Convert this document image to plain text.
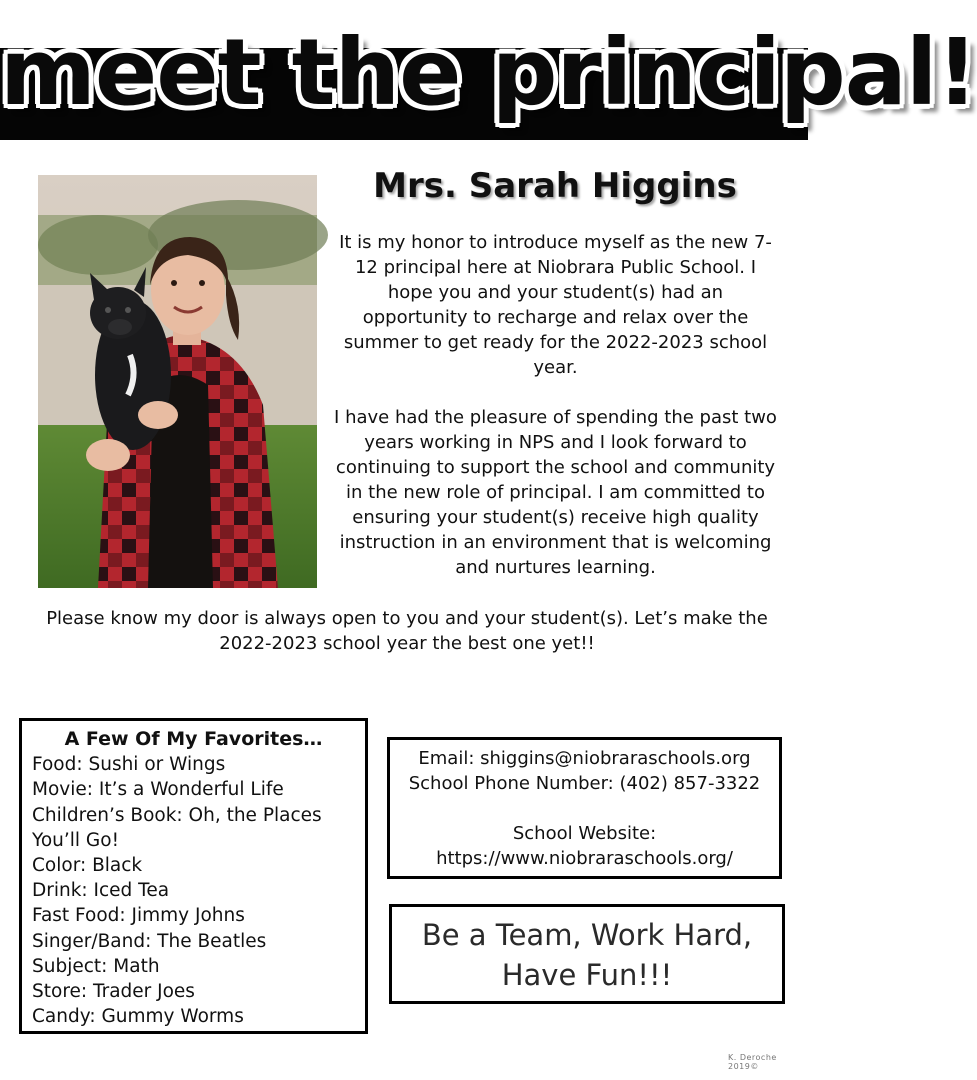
meet the principal!
Mrs. Sarah Higgins

It is my honor to introduce myself as the new 7-12 principal here at Niobrara Public School. I hope you and your student(s) had an opportunity to recharge and relax over the summer to get ready for the 2022-2023 school year.

I have had the pleasure of spending the past two years working in NPS and I look forward to continuing to support the school and community in the new role of principal. I am committed to ensuring your student(s) receive high quality instruction in an environment that is welcoming and nurtures learning.

Please know my door is always open to you and your student(s). Let’s make the
2022-2023 school year the best one yet!!
A Few Of My Favorites…
Food: Sushi or Wings
Movie: It’s a Wonderful Life
Children’s Book: Oh, the Places You’ll Go!
Color: Black
Drink: Iced Tea
Fast Food: Jimmy Johns
Singer/Band: The Beatles
Subject: Math
Store: Trader Joes
Candy: Gummy Worms
Email: shiggins@niobraraschools.org
School Phone Number: (402) 857-3322
School Website:
https://www.niobraraschools.org/
Be a Team, Work Hard,
Have Fun!!!
K. Deroche 2019©
